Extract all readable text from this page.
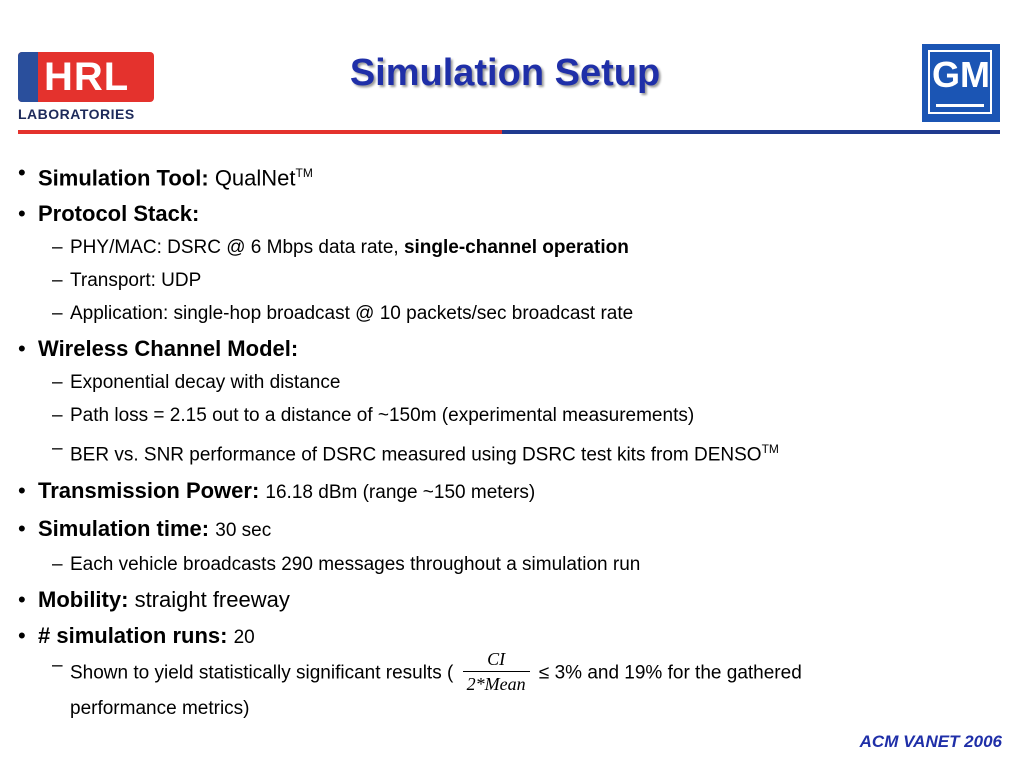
HRL
LABORATORIES
Simulation Setup	GM
• Simulation Tool: QualNet™
• Protocol Stack:
– PHY/MAC: DSRC @ 6 Mbps data rate, single-channel operation
– Transport: UDP
– Application: single-hop broadcast @ 10 packets/sec broadcast rate
• Wireless Channel Model:
– Exponential decay with distance
– Path loss = 2.15 out to a distance of ~150m (experimental measurements)
– BER vs. SNR performance of DSRC measured using DSRC test kits from DENSO™
• Transmission Power: 16.18 dBm (range ~150 meters)
• Simulation time: 30 sec
– Each vehicle broadcasts 290 messages throughout a simulation run
• Mobility: straight freeway
• # simulation runs: 20
– Shown to yield statistically significant results ( $\frac{CI}{\text{2*Mean}} \le 3\%$ and 19% for the gathered
performance metrics)
ACM VANET 2006
